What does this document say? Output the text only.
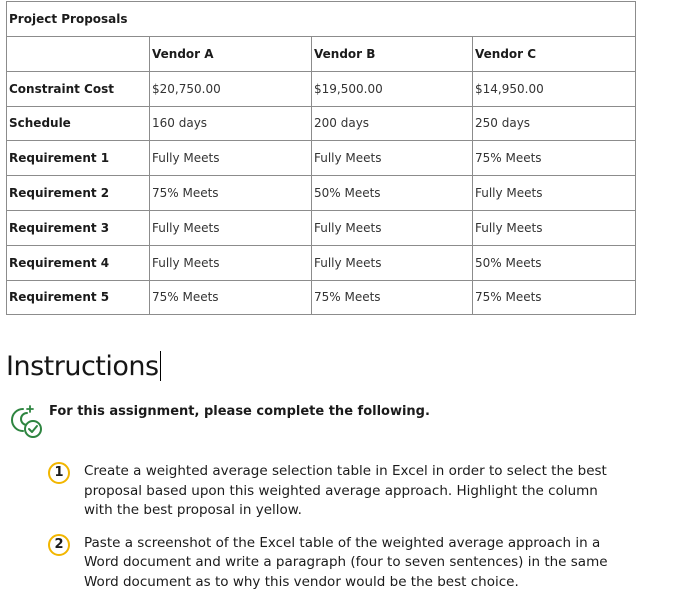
Project Proposals			
	Vendor A	Vendor B	Vendor C
Constraint Cost	$20,750.00	$19,500.00	$14,950.00
Schedule	160 days	200 days	250 days
Requirement 1	Fully Meets	Fully Meets	75% Meets
Requirement 2	75% Meets	50% Meets	Fully Meets
Requirement 3	Fully Meets	Fully Meets	Fully Meets
Requirement 4	Fully Meets	Fully Meets	50% Meets
Requirement 5	75% Meets	75% Meets	75% Meets
Instructions
For this assignment, please complete the following.
1	Create a weighted average selection table in Excel in order to select the best proposal based upon this weighted average approach. Highlight the column with the best proposal in yellow.
2	Paste a screenshot of the Excel table of the weighted average approach in a Word document and write a paragraph (four to seven sentences) in the same Word document as to why this vendor would be the best choice.
